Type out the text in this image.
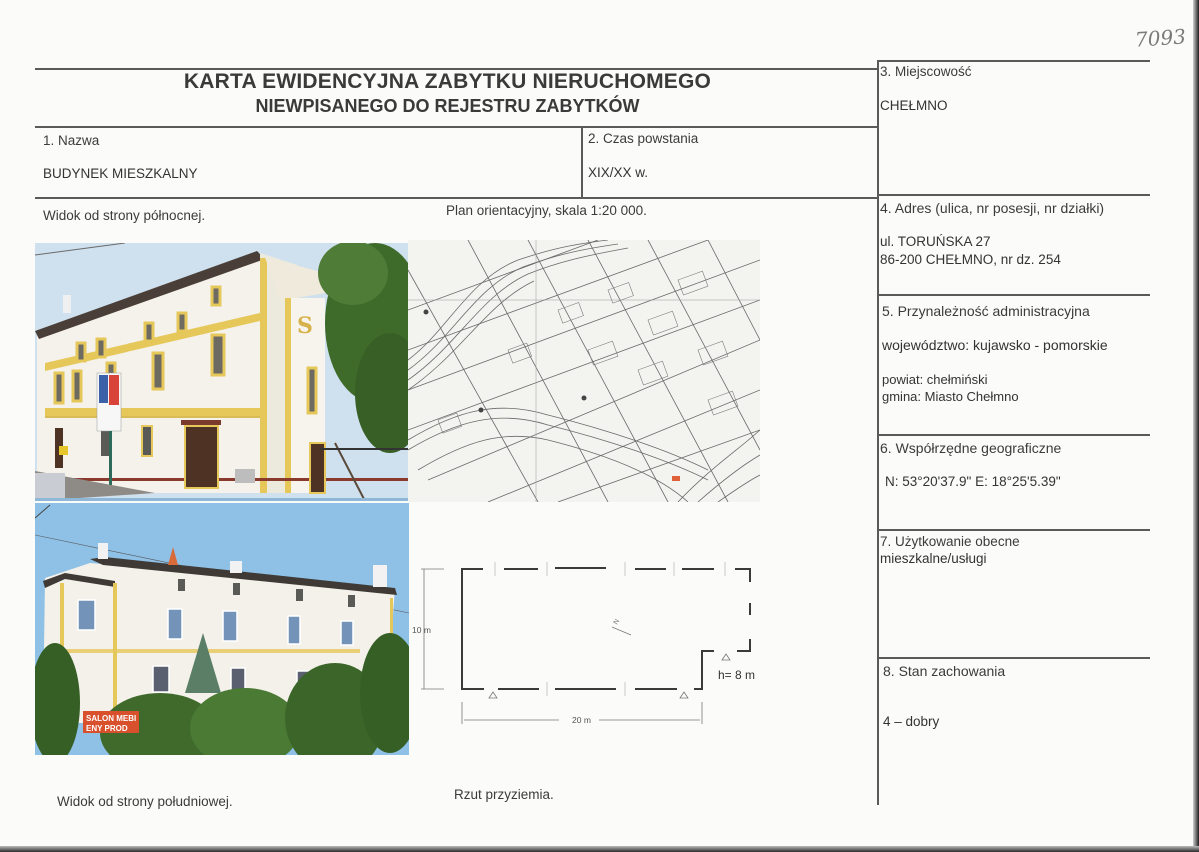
7093
KARTA EWIDENCYJNA ZABYTKU NIERUCHOMEGO
NIEWPISANEGO DO REJESTRU ZABYTKÓW
1. Nazwa
BUDYNEK MIESZKALNY
2. Czas powstania
XIX/XX w.
3. Miejscowość
CHEŁMNO
4. Adres (ulica, nr posesji, nr działki)
ul. TORUŃSKA 27
86-200 CHEŁMNO, nr dz. 254
5. Przynależność administracyjna
województwo: kujawsko - pomorskie
powiat: chełmiński
gmina: Miasto Chełmno
6. Współrzędne geograficzne
N: 53°20'37.9" E: 18°25'5.39"
7. Użytkowanie obecne
mieszkalne/usługi
8. Stan zachowania
4 – dobry
Widok od strony północnej.	Plan orientacyjny, skala 1:20 000.
Widok od strony południowej.	Rzut przyziemia.
S
SALON MEBI
ENY PROD
N
10 m
20 m
h= 8 m
